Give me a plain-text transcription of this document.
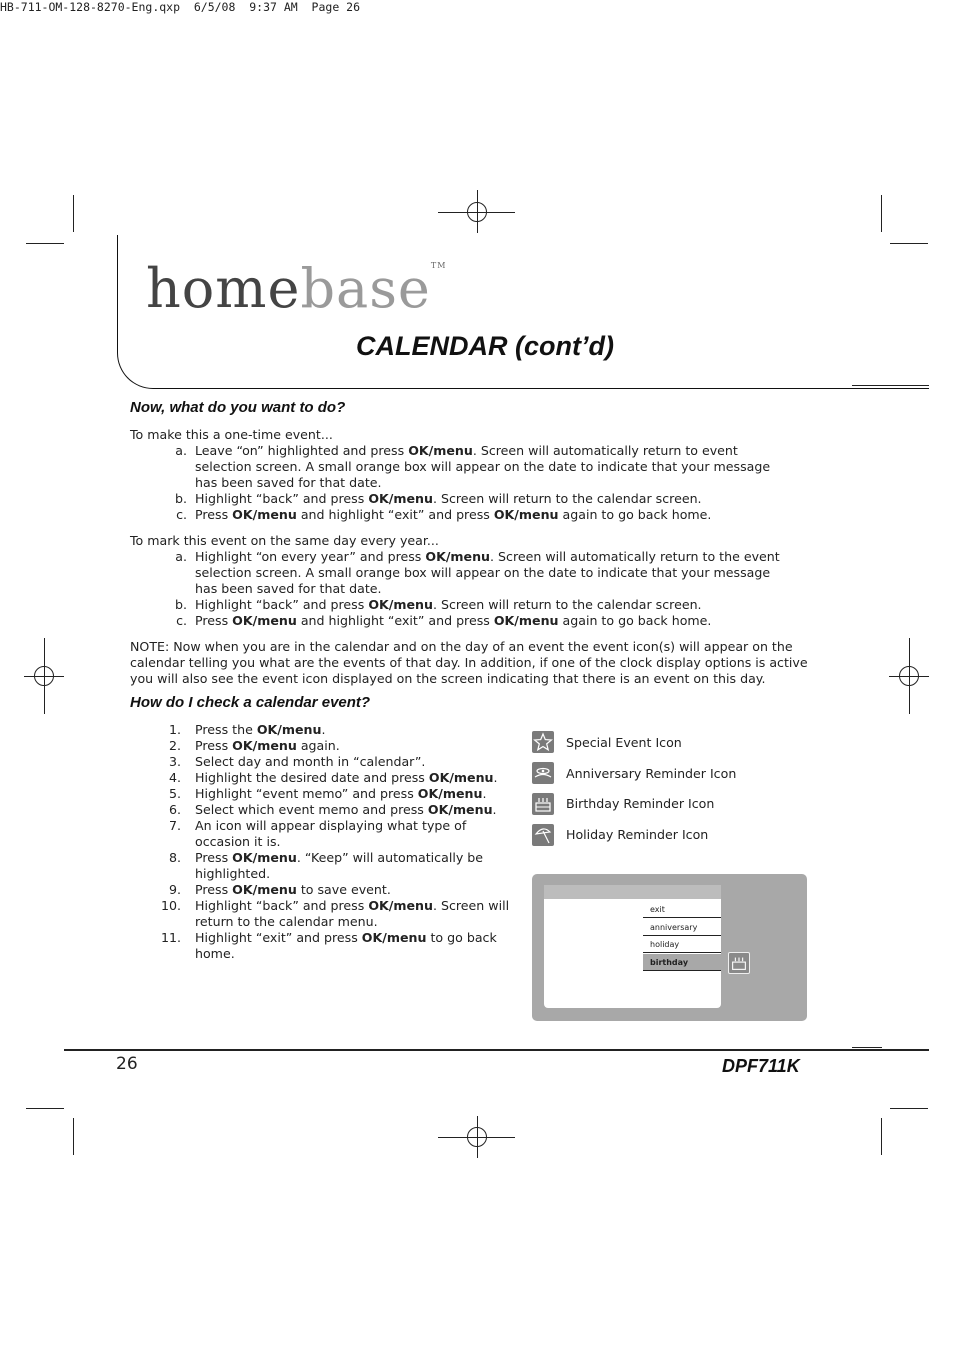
HB-711-OM-128-8270-Eng.qxp  6/5/08  9:37 AM  Page 26
homebase™
CALENDAR (cont’d)
Now, what do you want to do?
To make this a one-time event...
a. Leave “on” highlighted and press OK/menu. Screen will automatically return to event
selection screen. A small orange box will appear on the date to indicate that your message
has been saved for that date.
b. Highlight “back” and press OK/menu. Screen will return to the calendar screen.
c. Press OK/menu and highlight “exit” and press OK/menu again to go back home.
To mark this event on the same day every year...
a. Highlight “on every year” and press OK/menu. Screen will automatically return to the event
selection screen. A small orange box will appear on the date to indicate that your message
has been saved for that date.
b. Highlight “back” and press OK/menu. Screen will return to the calendar screen.
c. Press OK/menu and highlight “exit” and press OK/menu again to go back home.
NOTE: Now when you are in the calendar and on the day of an event the event icon(s) will appear on the
calendar telling you what are the events of that day. In addition, if one of the clock display options is active
you will also see the event icon displayed on the screen indicating that there is an event on this day.
How do I check a calendar event?
1. Press the OK/menu.
2. Press OK/menu again.
3. Select day and month in “calendar”.
4. Highlight the desired date and press OK/menu.
5. Highlight “event memo” and press OK/menu.
6. Select which event memo and press OK/menu.
7. An icon will appear displaying what type of
occasion it is.
8. Press OK/menu. “Keep” will automatically be
highlighted.
9. Press OK/menu to save event.
10. Highlight “back” and press OK/menu. Screen will
return to the calendar menu.
11. Highlight “exit” and press OK/menu to go back
home.
Special Event Icon
Anniversary Reminder Icon
Birthday Reminder Icon
Holiday Reminder Icon
exit
anniversary
holiday
birthday
26	DPF711K
